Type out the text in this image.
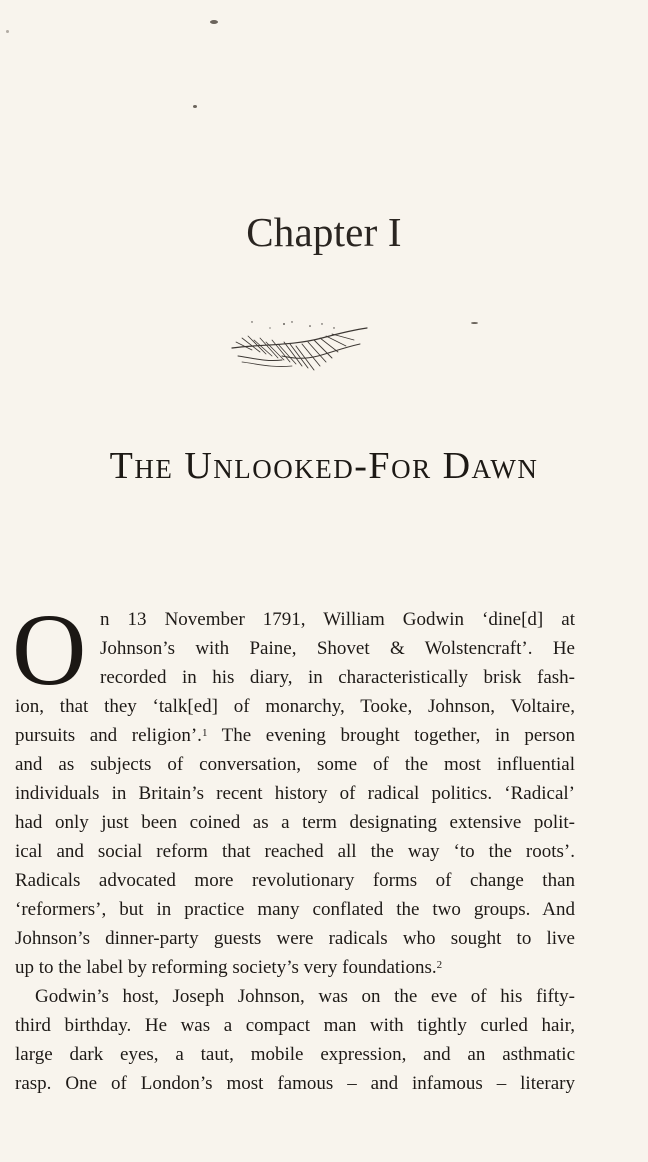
Chapter I
The Unlooked-For Dawn
O n 13 November 1791, William Godwin ‘dine[d] at
Johnson’s with Paine, Shovet & Wolstencraft’. He
recorded in his diary, in characteristically brisk fash-
ion, that they ‘talk[ed] of monarchy, Tooke, Johnson, Voltaire,
pursuits and religion’.$^1$ The evening brought together, in person
and as subjects of conversation, some of the most influential
individuals in Britain’s recent history of radical politics. ‘Radical’
had only just been coined as a term designating extensive polit-
ical and social reform that reached all the way ‘to the roots’.
Radicals advocated more revolutionary forms of change than
‘reformers’, but in practice many conflated the two groups. And
Johnson’s dinner-party guests were radicals who sought to live
up to the label by reforming society’s very foundations.$^2$
Godwin’s host, Joseph Johnson, was on the eve of his fifty-
third birthday. He was a compact man with tightly curled hair,
large dark eyes, a taut, mobile expression, and an asthmatic
rasp. One of London’s most famous – and infamous – literary
